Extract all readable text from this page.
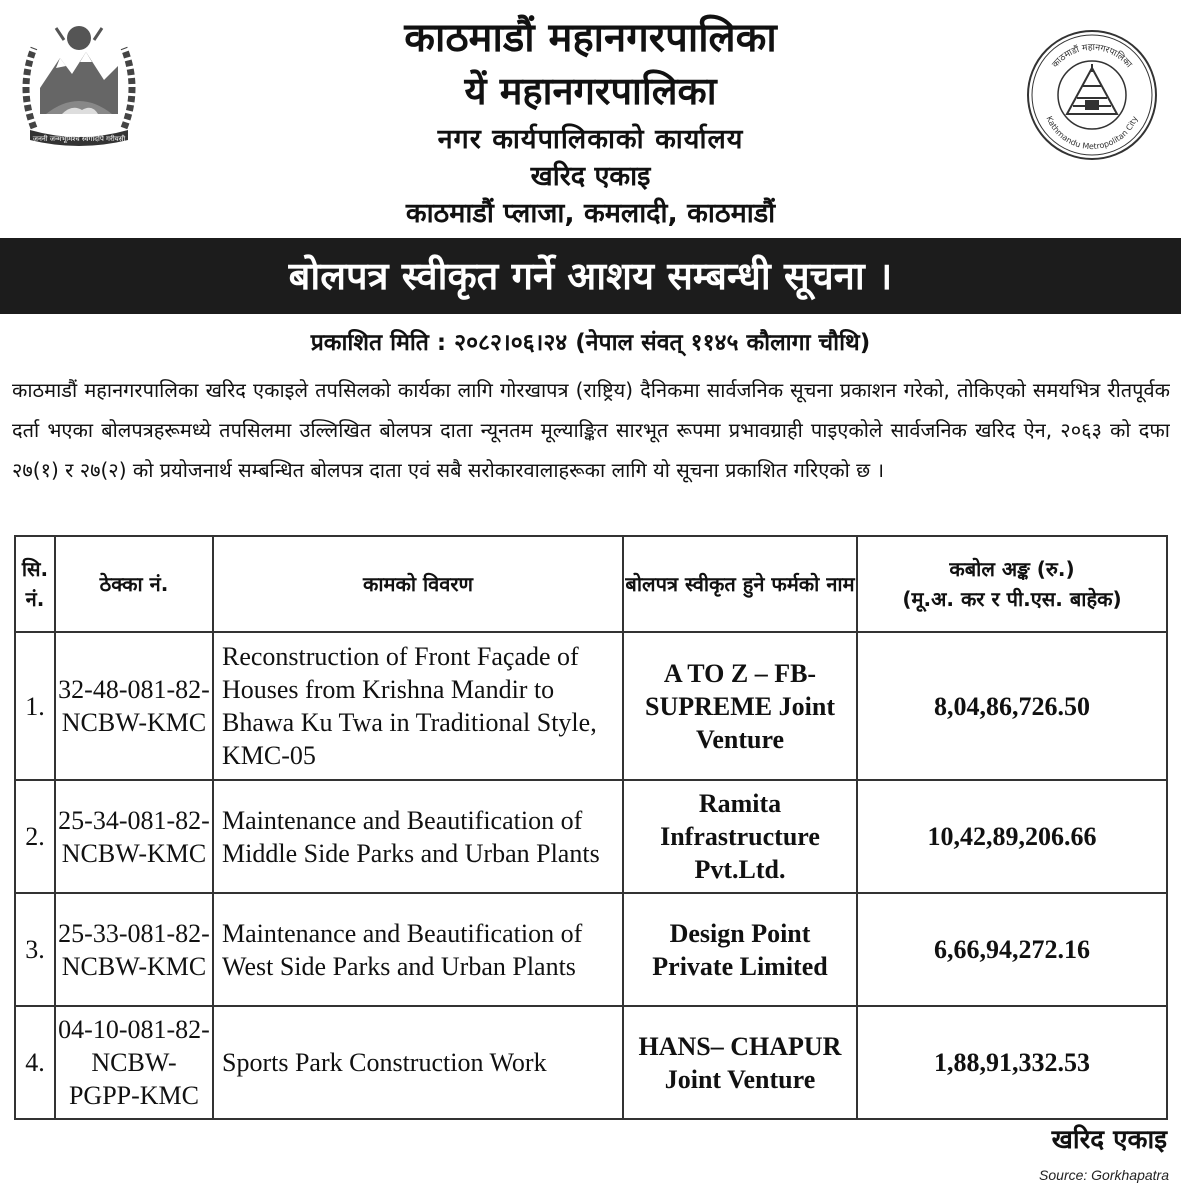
जननी जन्मभूमिश्च स्वर्गादपि गरीयसी
काठमाडौं महानगरपालिका
यें महानगरपालिका
नगर कार्यपालिकाको कार्यालय
खरिद एकाइ
काठमाडौं प्लाजा, कमलादी, काठमाडौं
काठमाडौं महानगरपालिका
Kathmandu Metropolitan City
बोलपत्र स्वीकृत गर्ने आशय सम्बन्धी सूचना ।
प्रकाशित मिति : २०८२।०६।२४ (नेपाल संवत् ११४५ कौलागा चौथि)
काठमाडौं महानगरपालिका खरिद एकाइले तपसिलको कार्यका लागि गोरखापत्र (राष्ट्रिय) दैनिकमा सार्वजनिक सूचना प्रकाशन गरेको, तोकिएको समयभित्र रीतपूर्वक दर्ता भएका बोलपत्रहरूमध्ये तपसिलमा उल्लिखित बोलपत्र दाता न्यूनतम मूल्याङ्कित सारभूत रूपमा प्रभावग्राही पाइएकोले सार्वजनिक खरिद ऐन, २०६३ को दफा २७(१) र २७(२) को प्रयोजनार्थ सम्बन्धित बोलपत्र दाता एवं सबै सरोकारवालाहरूका लागि यो सूचना प्रकाशित गरिएको छ ।
सि. नं.	ठेक्का नं.	कामको विवरण	बोलपत्र स्वीकृत हुने फर्मको नाम	कबोल अङ्क (रु.)
(मू.अ. कर र पी.एस. बाहेक)

1.	32-48-081-82-NCBW-KMC	Reconstruction of Front Façade of Houses from Krishna Mandir to Bhawa Ku Twa in Traditional Style, KMC-05	A TO Z – FB-SUPREME Joint Venture	8,04,86,726.50
2.	25-34-081-82-NCBW-KMC	Maintenance and Beautification of Middle Side Parks and Urban Plants	Ramita Infrastructure Pvt.Ltd.	10,42,89,206.66
3.	25-33-081-82-NCBW-KMC	Maintenance and Beautification of West Side Parks and Urban Plants	Design Point Private Limited	6,66,94,272.16
4.	04-10-081-82-NCBW-PGPP-KMC	Sports Park Construction Work	HANS– CHAPUR Joint Venture	1,88,91,332.53
खरिद एकाइ
Source: Gorkhapatra
